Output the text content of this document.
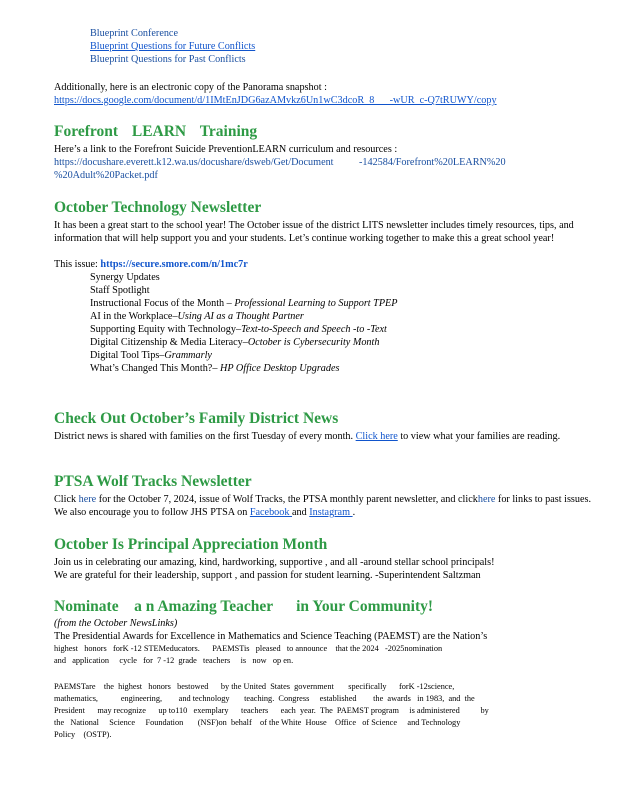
Blueprint Conference
Blueprint Questions for Future Conflicts
Blueprint Questions for Past Conflicts

Additionally, here is an electronic copy of the Panorama snapshot :

https://docs.google.com/document/d/1IMtEnJDG6azAMvkz6Un1wC3dcoR_8___-wUR_c-Q7tRUWY/copy

Forefront LEARN Training

Here’s a link to the Forefront Suicide PreventionLEARN curriculum and resources :

https://docushare.everett.k12.wa.us/docushare/dsweb/Get/Document          -142584/Forefront%20LEARN%20

%20Adult%20Packet.pdf

October Technology Newsletter

It has been a great start to the school year! The October issue of the district LITS newsletter includes timely resources, tips, and information that will help support you and your students. Let’s continue working together to make this a great school year!

This issue: https://secure.smore.com/n/1mc7r

Synergy Updates
Staff Spotlight
Instructional Focus of the Month – Professional Learning to Support TPEP
AI in the Workplace–Using AI as a Thought Partner
Supporting Equity with Technology–Text-to-Speech and Speech -to -Text
Digital Citizenship & Media Literacy–October is Cybersecurity Month
Digital Tool Tips–Grammarly
What’s Changed This Month?– HP Office Desktop Upgrades
Check Out October’s Family District News

District news is shared with families on the first Tuesday of every month. Click here to view what your families are reading.

PTSA Wolf Tracks Newsletter

Click here for the October 7, 2024, issue of Wolf Tracks, the PTSA monthly parent newsletter, and clickhere for links to past issues. We also encourage you to follow JHS PTSA on Facebook and Instagram .

October Is Principal Appreciation Month

Join us in celebrating our amazing, kind, hardworking, supportive , and all -around stellar school principals!

We are grateful for their leadership, support , and passion for student learning. -Superintendent Saltzman

Nominate    a n Amazing Teacher      in Your Community!

(from the October NewsLinks)

The Presidential Awards for Excellence in Mathematics and Science Teaching (PAEMST) are the Nation’s

highest   honors   forK -12 STEMeducators.      PAEMSTis   pleased   to announce    that the 2024   -2025nomination

and   application     cycle   for  7 -12  grade   teachers     is   now   op en.

PAEMSTare    the  highest   honors   bestowed      by the United  States  government       specifically      forK -12science,

mathematics,           engineering,        and technology       teaching.  Congress     established        the  awards   in 1983,  and  the

President      may recognize      up to110   exemplary      teachers      each  year.  The  PAEMST program     is administered          by

the   National     Science     Foundation       (NSF)on  behalf    of the White  House    Office   of Science     and Technology

Policy    (OSTP).
